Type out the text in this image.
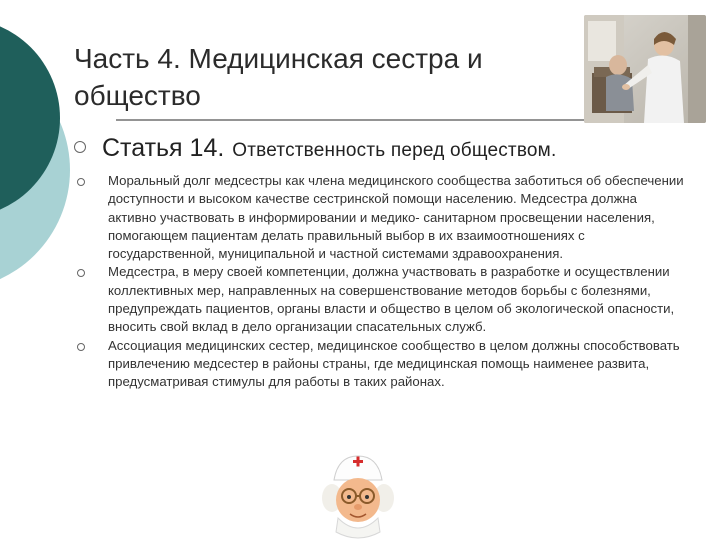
Часть 4. Медицинская сестра и общество
Статья 14. Ответственность перед обществом.
Моральный долг медсестры как члена медицинского сообщества заботиться об обеспечении доступности и высоком качестве сестринской помощи населению. Медсестра должна активно участвовать в информировании и медико- санитарном просвещении населения, помогающем пациентам делать правильный выбор в их взаимоотношениях с государственной, муниципальной и частной системами здравоохранения.
Медсестра, в меру своей компетенции, должна участвовать в разработке и осуществлении коллективных мер, направленных на совершенствование методов борьбы с болезнями, предупреждать пациентов, органы власти и общество в целом об экологической опасности, вносить свой вклад в дело организации спасательных служб.
Ассоциация медицинских сестер, медицинское сообщество в целом должны способствовать привлечению медсестер в районы страны, где медицинская помощь наименее развита, предусматривая стимулы для работы в таких районах.
